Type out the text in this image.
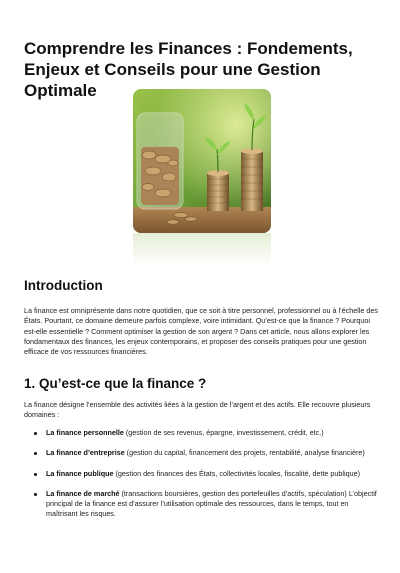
Comprendre les Finances : Fondements, Enjeux et Conseils pour une Gestion Optimale
Introduction

La finance est omniprésente dans notre quotidien, que ce soit à titre personnel, professionnel ou à l’échelle des États. Pourtant, ce domaine demeure parfois complexe, voire intimidant. Qu’est-ce que la finance ? Pourquoi est-elle essentielle ? Comment optimiser la gestion de son argent ? Dans cet article, nous allons explorer les fondamentaux des finances, les enjeux contemporains, et proposer des conseils pratiques pour une gestion efficace de vos ressources financières.

1. Qu’est-ce que la finance ?

La finance désigne l’ensemble des activités liées à la gestion de l’argent et des actifs. Elle recouvre plusieurs domaines :

La finance personnelle (gestion de ses revenus, épargne, investissement, crédit, etc.)
La finance d’entreprise (gestion du capital, financement des projets, rentabilité, analyse financière)
La finance publique (gestion des finances des États, collectivités locales, fiscalité, dette publique)
La finance de marché (transactions boursières, gestion des portefeuilles d’actifs, spéculation) L’objectif principal de la finance est d’assurer l’utilisation optimale des ressources, dans le temps, tout en maîtrisant les risques.
